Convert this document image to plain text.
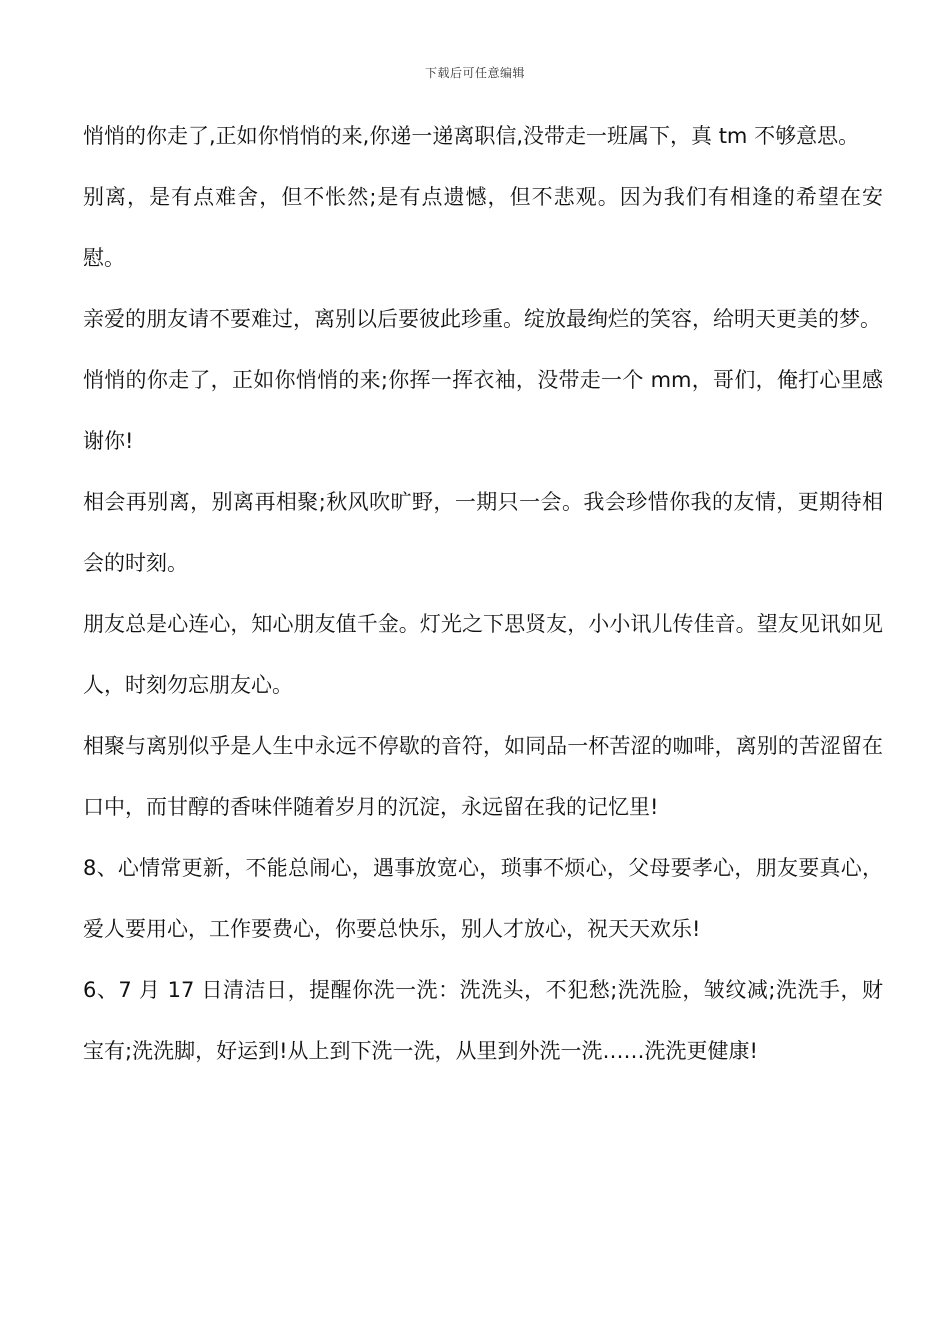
下载后可任意编辑

悄悄的你走了,正如你悄悄的来,你递一递离职信,没带走一班属下，真 tm 不够意思。

别离，是有点难舍，但不怅然;是有点遗憾，但不悲观。因为我们有相逢的希望在安慰。

亲爱的朋友请不要难过，离别以后要彼此珍重。绽放最绚烂的笑容，给明天更美的梦。

悄悄的你走了，正如你悄悄的来;你挥一挥衣袖，没带走一个 mm，哥们，俺打心里感谢你!

相会再别离，别离再相聚;秋风吹旷野，一期只一会。我会珍惜你我的友情，更期待相会的时刻。

朋友总是心连心，知心朋友值千金。灯光之下思贤友，小小讯儿传佳音。望友见讯如见人，时刻勿忘朋友心。

相聚与离别似乎是人生中永远不停歇的音符，如同品一杯苦涩的咖啡，离别的苦涩留在口中，而甘醇的香味伴随着岁月的沉淀，永远留在我的记忆里!

8、心情常更新，不能总闹心，遇事放宽心，琐事不烦心，父母要孝心，朋友要真心，爱人要用心，工作要费心，你要总快乐，别人才放心，祝天天欢乐!

6、7 月 17 日清洁日，提醒你洗一洗：洗洗头，不犯愁;洗洗脸，皱纹减;洗洗手，财宝有;洗洗脚，好运到!从上到下洗一洗，从里到外洗一洗……洗洗更健康!
